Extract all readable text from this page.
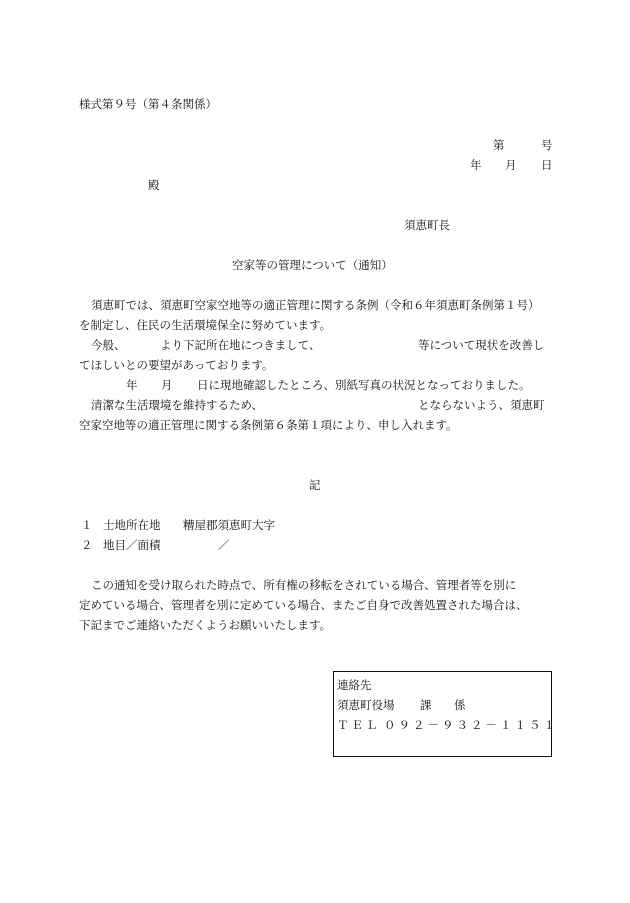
様式第９号（第４条関係）
第	号
年 月 日
殿
須恵町長
空家等の管理について（通知）
須恵町では、須恵町空家空地等の適正管理に関する条例（令和６年須恵町条例第１号）
を制定し、住民の生活環境保全に努めています。
今般、	より下記所在地につきまして、	等について現状を改善し
てほしいとの要望があっております。
年 月 日に現地確認したところ、別紙写真の状況となっておりました。
清潔な生活環境を維持するため、	とならないよう、須恵町
空家空地等の適正管理に関する条例第６条第１項により、申し入れます。
記
１ 土地所在地 糟屋郡須恵町大字
２ 地目／面積	／
この通知を受け取られた時点で、所有権の移転をされている場合、管理者等を別に
定めている場合、管理者を別に定めている場合、またご自身で改善処置された場合は、
下記までご連絡いただくようお願いいたします。
連絡先
須恵町役場 課 係
ＴＥＬ ０９２－９３２－１１５１
